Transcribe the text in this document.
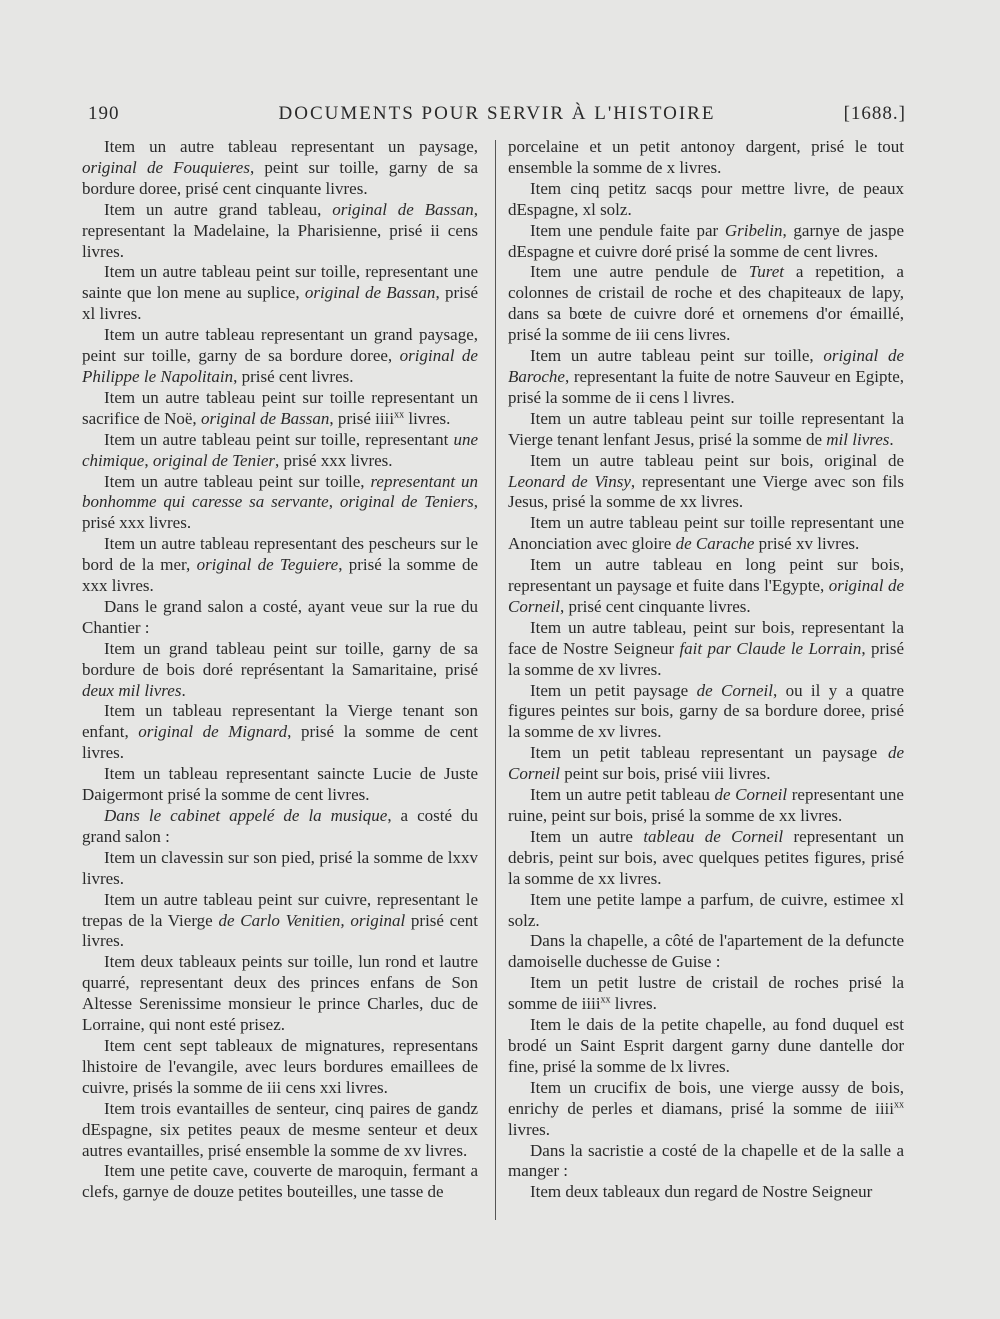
190	DOCUMENTS POUR SERVIR À L'HISTOIRE	[1688.]

Item un autre tableau representant un paysage, original de Fouquieres, peint sur toille, garny de sa bordure doree, prisé cent cinquante livres.

Item un autre grand tableau, original de Bassan, representant la Madelaine, la Pharisienne, prisé ii cens livres.

Item un autre tableau peint sur toille, representant une sainte que lon mene au suplice, original de Bassan, prisé xl livres.

Item un autre tableau representant un grand paysage, peint sur toille, garny de sa bordure doree, original de Philippe le Napolitain, prisé cent livres.

Item un autre tableau peint sur toille representant un sacrifice de Noë, original de Bassan, prisé iiii$^{xx}$ livres.

Item un autre tableau peint sur toille, representant une chimique, original de Tenier, prisé xxx livres.

Item un autre tableau peint sur toille, representant un bonhomme qui caresse sa servante, original de Teniers, prisé xxx livres.

Item un autre tableau representant des pescheurs sur le bord de la mer, original de Teguiere, prisé la somme de xxx livres.

Dans le grand salon a costé, ayant veue sur la rue du Chantier :

Item un grand tableau peint sur toille, garny de sa bordure de bois doré représentant la Samaritaine, prisé deux mil livres.

Item un tableau representant la Vierge tenant son enfant, original de Mignard, prisé la somme de cent livres.

Item un tableau representant saincte Lucie de Juste Daigermont prisé la somme de cent livres.

Dans le cabinet appelé de la musique, a costé du grand salon :

Item un clavessin sur son pied, prisé la somme de lxxv livres.

Item un autre tableau peint sur cuivre, representant le trepas de la Vierge de Carlo Venitien, original prisé cent livres.

Item deux tableaux peints sur toille, lun rond et lautre quarré, representant deux des princes enfans de Son Altesse Serenissime monsieur le prince Charles, duc de Lorraine, qui nont esté prisez.

Item cent sept tableaux de mignatures, representans lhistoire de l'evangile, avec leurs bordures emaillees de cuivre, prisés la somme de iii cens xxi livres.

Item trois evantailles de senteur, cinq paires de gandz dEspagne, six petites peaux de mesme senteur et deux autres evantailles, prisé ensemble la somme de xv livres.

Item une petite cave, couverte de maroquin, fermant a clefs, garnye de douze petites bouteilles, une tasse de

porcelaine et un petit antonoy dargent, prisé le tout ensemble la somme de x livres.

Item cinq petitz sacqs pour mettre livre, de peaux dEspagne, xl solz.

Item une pendule faite par Gribelin, garnye de jaspe dEspagne et cuivre doré prisé la somme de cent livres.

Item une autre pendule de Turet a repetition, a colonnes de cristail de roche et des chapiteaux de lapy, dans sa bœte de cuivre doré et ornemens d'or émaillé, prisé la somme de iii cens livres.

Item un autre tableau peint sur toille, original de Baroche, representant la fuite de notre Sauveur en Egipte, prisé la somme de ii cens l livres.

Item un autre tableau peint sur toille representant la Vierge tenant lenfant Jesus, prisé la somme de mil livres.

Item un autre tableau peint sur bois, original de Leonard de Vinsy, representant une Vierge avec son fils Jesus, prisé la somme de xx livres.

Item un autre tableau peint sur toille representant une Anonciation avec gloire de Carache prisé xv livres.

Item un autre tableau en long peint sur bois, representant un paysage et fuite dans l'Egypte, original de Corneil, prisé cent cinquante livres.

Item un autre tableau, peint sur bois, representant la face de Nostre Seigneur fait par Claude le Lorrain, prisé la somme de xv livres.

Item un petit paysage de Corneil, ou il y a quatre figures peintes sur bois, garny de sa bordure doree, prisé la somme de xv livres.

Item un petit tableau representant un paysage de Corneil peint sur bois, prisé viii livres.

Item un autre petit tableau de Corneil representant une ruine, peint sur bois, prisé la somme de xx livres.

Item un autre tableau de Corneil representant un debris, peint sur bois, avec quelques petites figures, prisé la somme de xx livres.

Item une petite lampe a parfum, de cuivre, estimee xl solz.

Dans la chapelle, a côté de l'apartement de la defuncte damoiselle duchesse de Guise :

Item un petit lustre de cristail de roches prisé la somme de iiii$^{xx}$ livres.

Item le dais de la petite chapelle, au fond duquel est brodé un Saint Esprit dargent garny dune dantelle dor fine, prisé la somme de lx livres.

Item un crucifix de bois, une vierge aussy de bois, enrichy de perles et diamans, prisé la somme de iiii$^{xx}$ livres.

Dans la sacristie a costé de la chapelle et de la salle a manger :

Item deux tableaux dun regard de Nostre Seigneur
